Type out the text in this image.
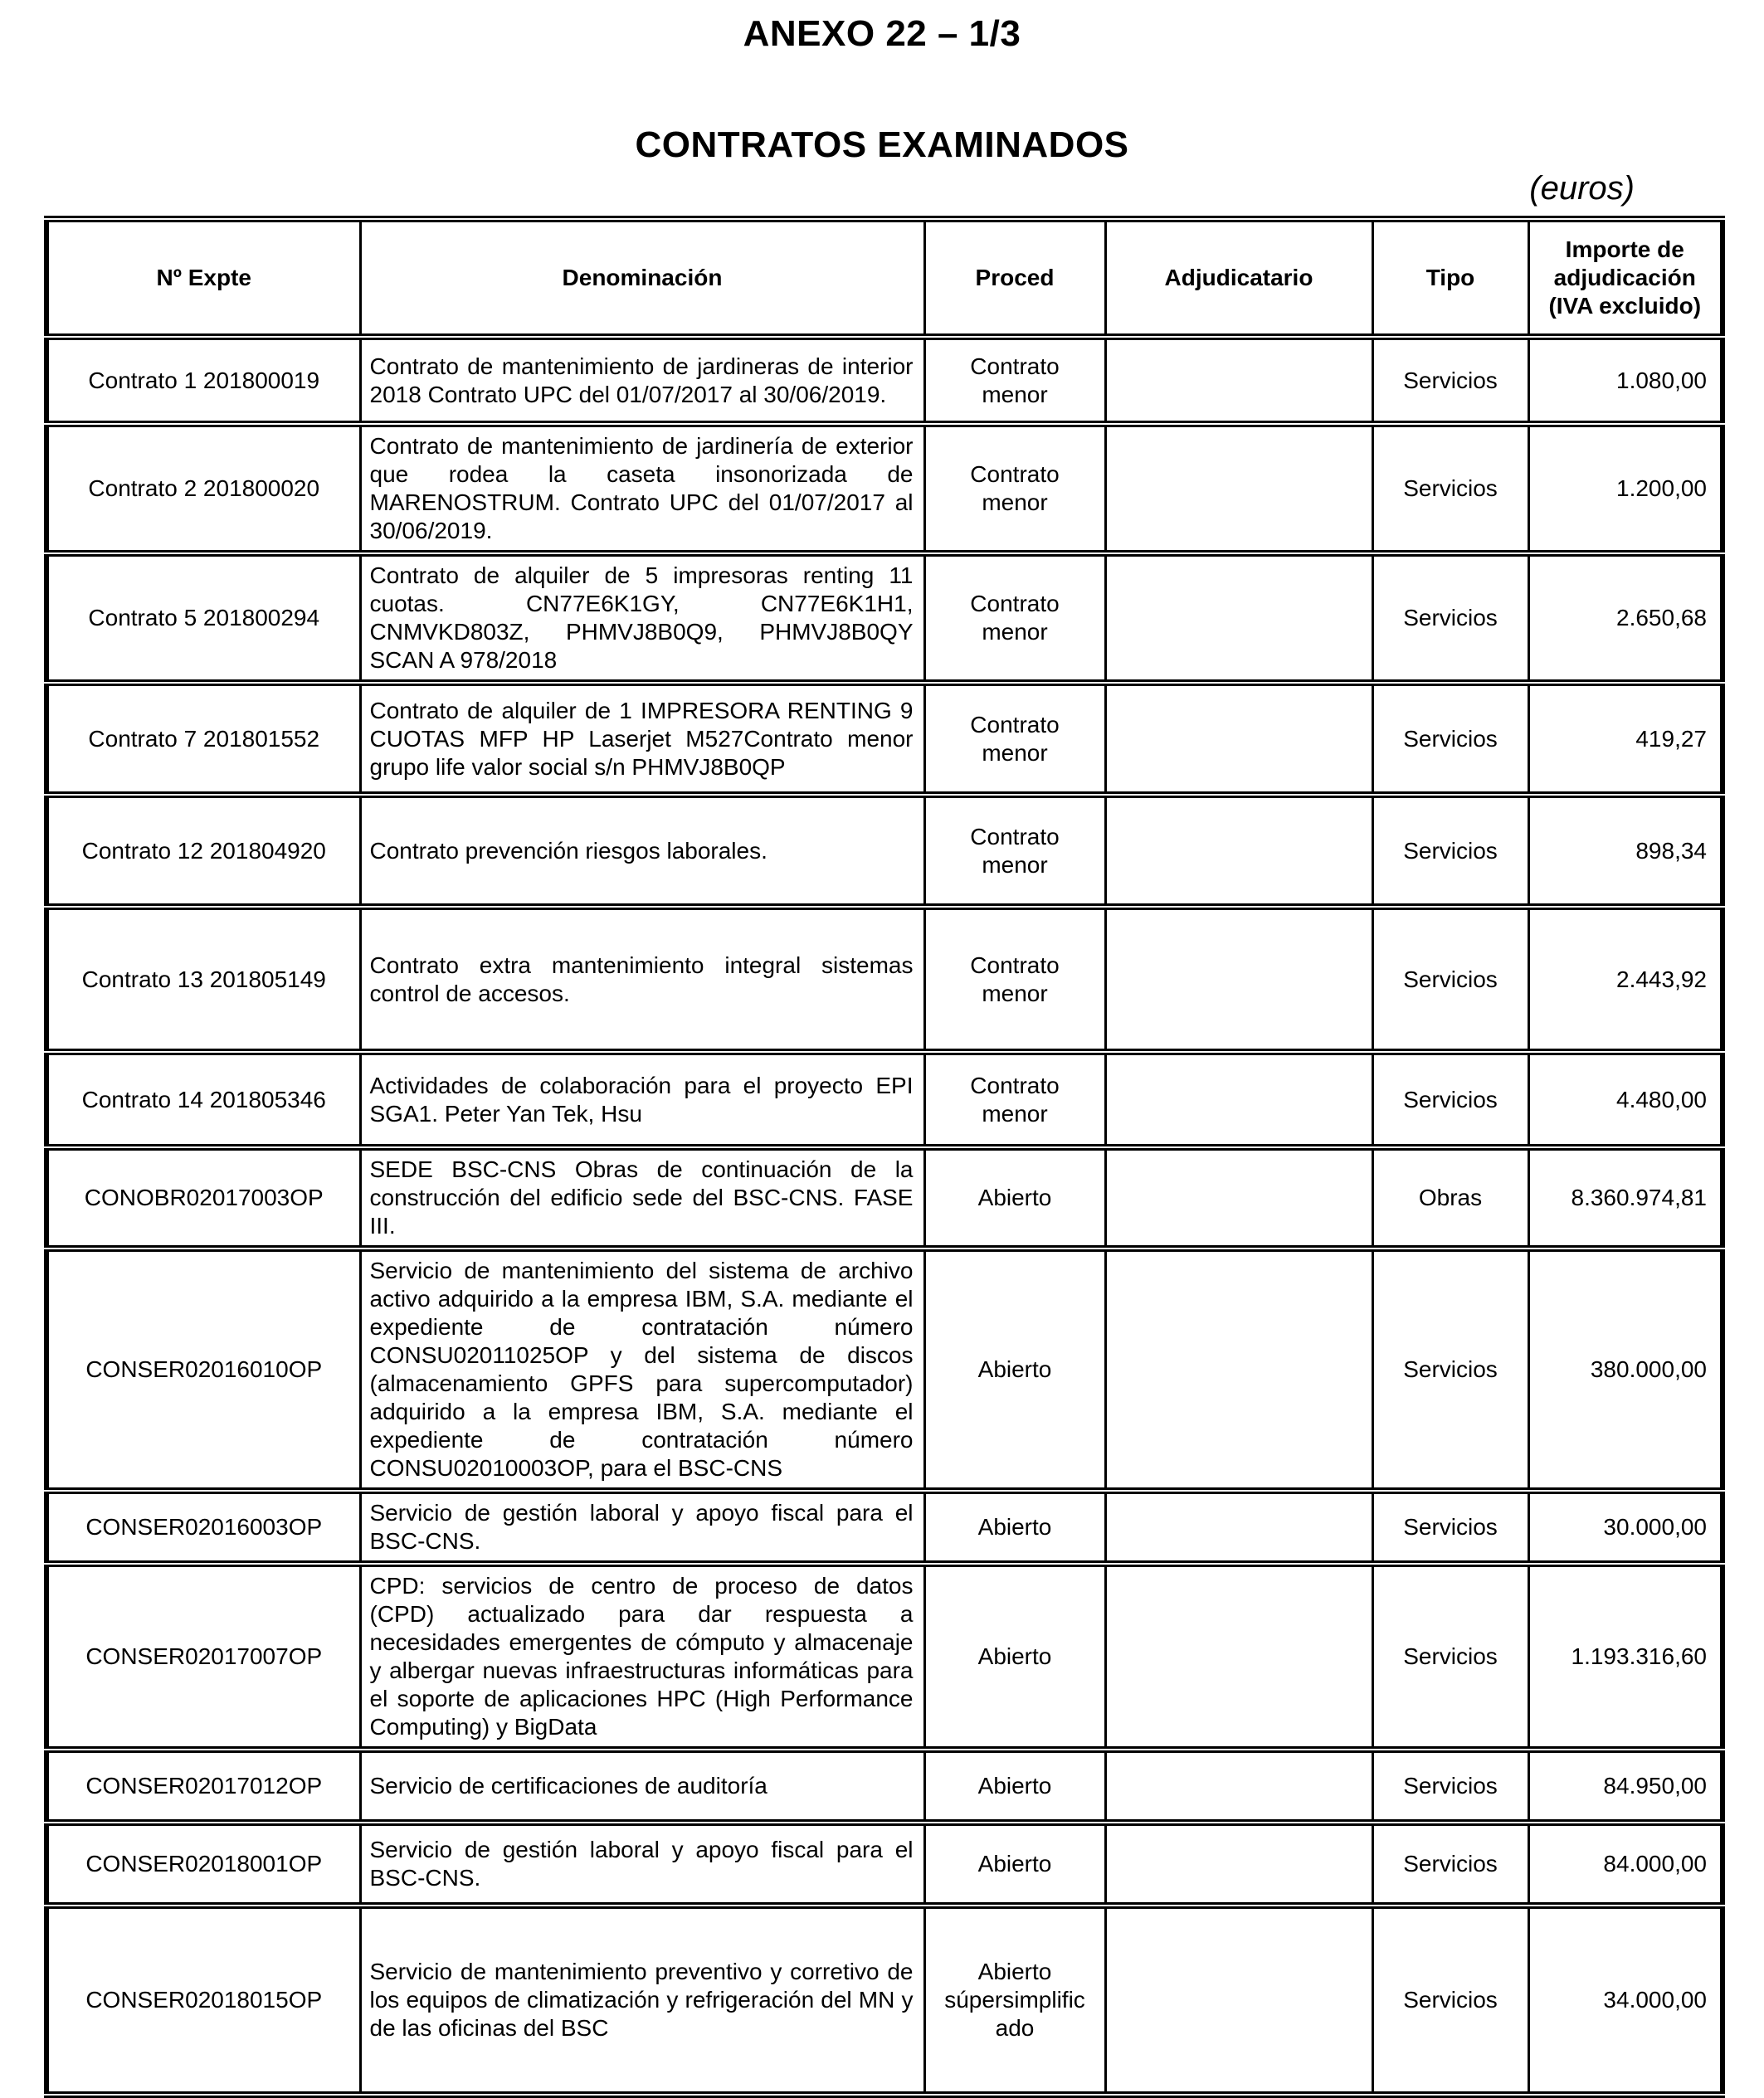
ANEXO 22 – 1/3
CONTRATOS EXAMINADOS
(euros)
Nº Expte	Denominación	Proced	Adjudicatario	Tipo	Importe de adjudicación (IVA excluido)
Contrato 1 201800019	Contrato de mantenimiento de jardineras de interior 2018 Contrato UPC del 01/07/2017 al 30/06/2019.	Contrato menor		Servicios	1.080,00
Contrato 2 201800020	Contrato de mantenimiento de jardinería de exterior que rodea la caseta insonorizada de MARENOSTRUM. Contrato UPC del 01/07/2017 al 30/06/2019.	Contrato menor		Servicios	1.200,00
Contrato 5 201800294	Contrato de alquiler de 5 impresoras renting 11 cuotas. CN77E6K1GY, CN77E6K1H1, CNMVKD803Z, PHMVJ8B0Q9, PHMVJ8B0QY SCAN A 978/2018	Contrato menor		Servicios	2.650,68
Contrato 7 201801552	Contrato de alquiler de 1 IMPRESORA RENTING 9 CUOTAS MFP HP Laserjet M527Contrato menor grupo life valor social s/n PHMVJ8B0QP	Contrato menor		Servicios	419,27
Contrato 12 201804920	Contrato prevención riesgos laborales.	Contrato menor		Servicios	898,34
Contrato 13 201805149	Contrato extra mantenimiento integral sistemas control de accesos.	Contrato menor		Servicios	2.443,92
Contrato 14 201805346	Actividades de colaboración para el proyecto EPI SGA1. Peter Yan Tek, Hsu	Contrato menor		Servicios	4.480,00
CONOBR02017003OP	SEDE BSC-CNS Obras de continuación de la construcción del edificio sede del BSC-CNS. FASE III.	Abierto		Obras	8.360.974,81
CONSER02016010OP	Servicio de mantenimiento del sistema de archivo activo adquirido a la empresa IBM, S.A. mediante el expediente de contratación número CONSU02011025OP y del sistema de discos (almacenamiento GPFS para supercomputador) adquirido a la empresa IBM, S.A. mediante el expediente de contratación número CONSU02010003OP, para el BSC-CNS	Abierto		Servicios	380.000,00
CONSER02016003OP	Servicio de gestión laboral y apoyo fiscal para el BSC-CNS.	Abierto		Servicios	30.000,00
CONSER02017007OP	CPD: servicios de centro de proceso de datos (CPD) actualizado para dar respuesta a necesidades emergentes de cómputo y almacenaje y albergar nuevas infraestructuras informáticas para el soporte de aplicaciones HPC (High Performance Computing) y BigData	Abierto		Servicios	1.193.316,60
CONSER02017012OP	Servicio de certificaciones de auditoría	Abierto		Servicios	84.950,00
CONSER02018001OP	Servicio de gestión laboral y apoyo fiscal para el BSC-CNS.	Abierto		Servicios	84.000,00
CONSER02018015OP	Servicio de mantenimiento preventivo y corretivo de los equipos de climatización y refrigeración del MN y de las oficinas del BSC	Abierto súpersimplificado		Servicios	34.000,00
